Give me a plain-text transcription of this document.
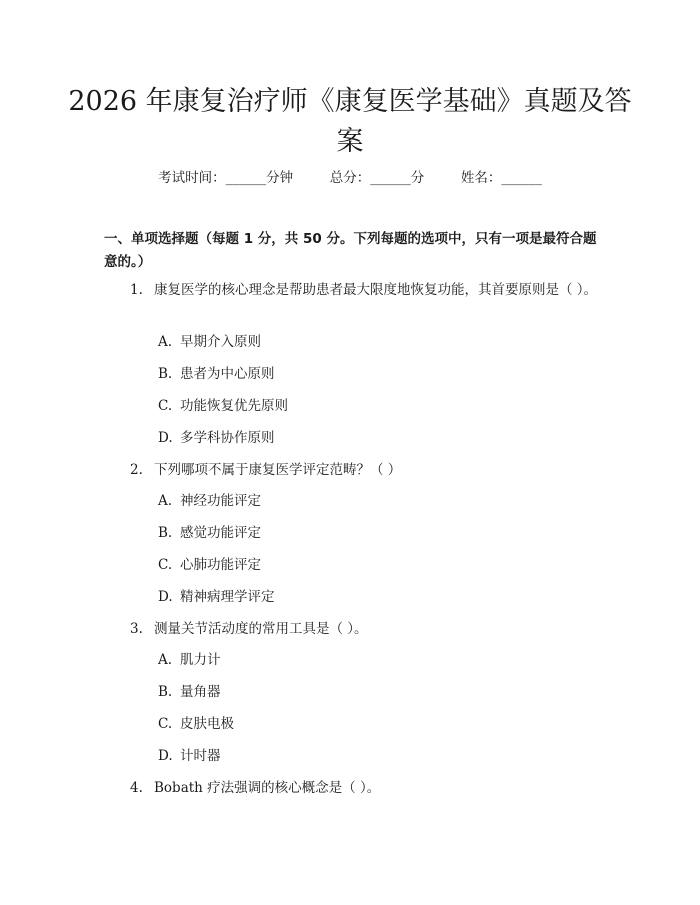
2026 年康复治疗师《康复医学基础》真题及答案
考试时间：______分钟	总分：______分	姓名：______

一、单项选择题（每题 1 分，共 50 分。下列每题的选项中，只有一项是最符合题意的。）

1. 康复医学的核心理念是帮助患者最大限度地恢复功能，其首要原则是（ ）。
A. 早期介入原则
B. 患者为中心原则
C. 功能恢复优先原则
D. 多学科协作原则
2. 下列哪项不属于康复医学评定范畴？（ ）
A. 神经功能评定
B. 感觉功能评定
C. 心肺功能评定
D. 精神病理学评定
3. 测量关节活动度的常用工具是（ ）。
A. 肌力计
B. 量角器
C. 皮肤电极
D. 计时器
4. Bobath 疗法强调的核心概念是（ ）。
